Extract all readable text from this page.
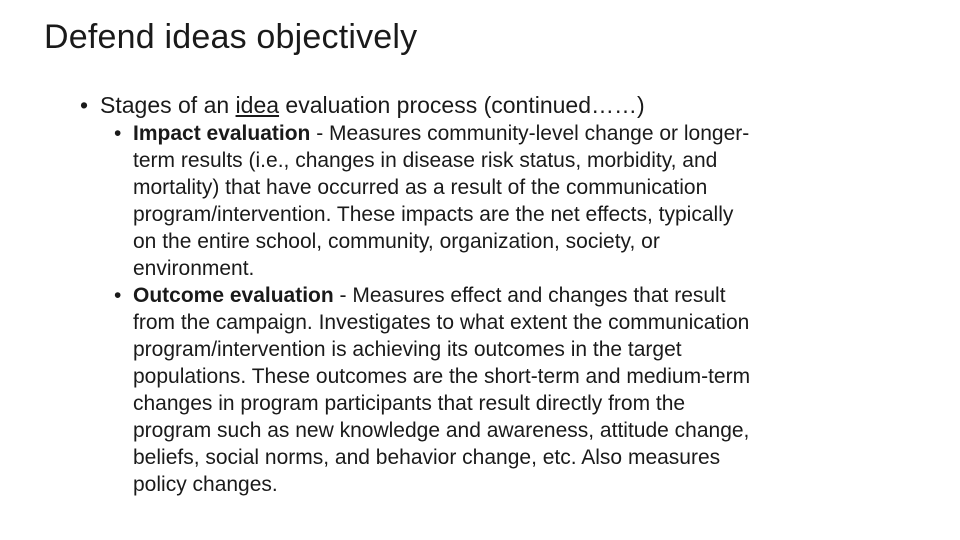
Defend ideas objectively
• Stages of an idea evaluation process (continued……)
• Impact evaluation - Measures community-level change or longer-
term results (i.e., changes in disease risk status, morbidity, and
mortality) that have occurred as a result of the communication
program/intervention. These impacts are the net effects, typically
on the entire school, community, organization, society, or
environment.
• Outcome evaluation - Measures effect and changes that result
from the campaign. Investigates to what extent the communication
program/intervention is achieving its outcomes in the target
populations. These outcomes are the short-term and medium-term
changes in program participants that result directly from the
program such as new knowledge and awareness, attitude change,
beliefs, social norms, and behavior change, etc. Also measures
policy changes.
